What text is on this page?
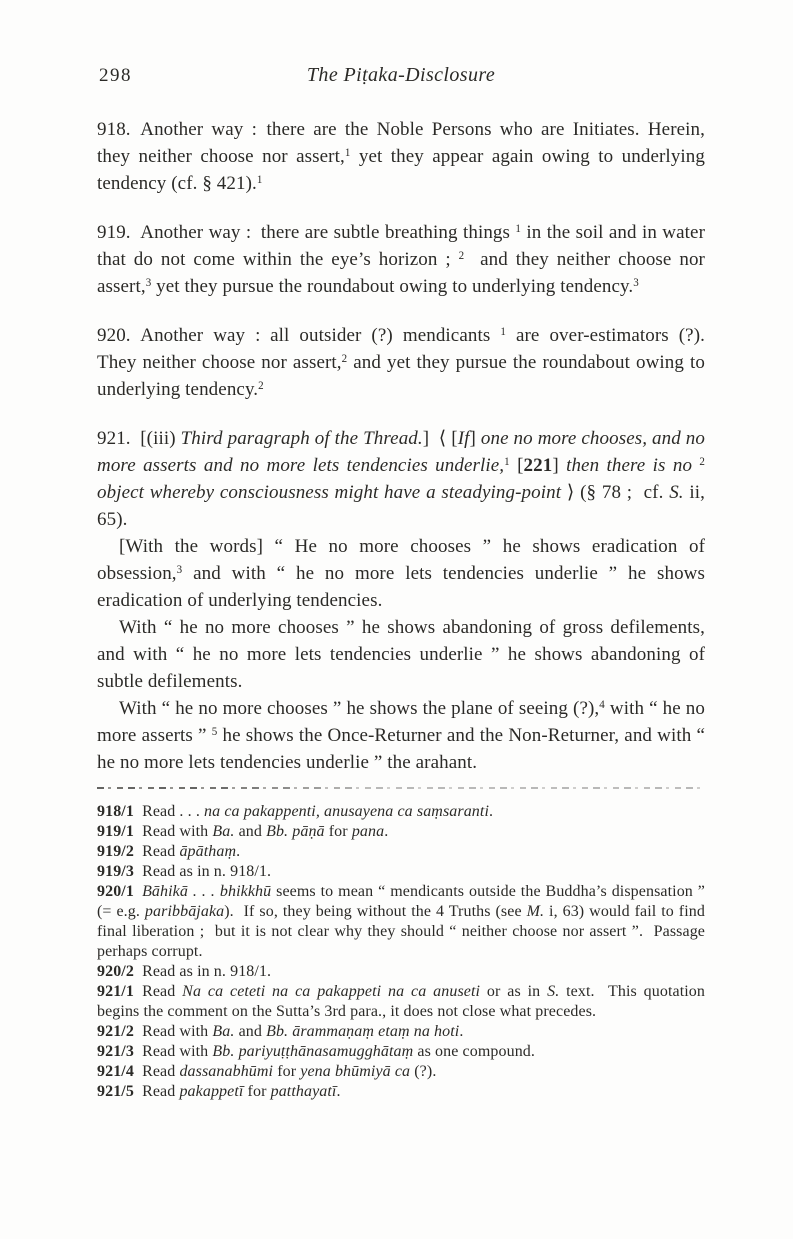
298	The Piṭaka-Disclosure

918. Another way : there are the Noble Persons who are Initiates. Herein, they neither choose nor assert,$^1$ yet they appear again owing to underlying tendency (cf. § 421).$^1$

919. Another way : there are subtle breathing things $^1$ in the soil and in water that do not come within the eye’s horizon ; $^2$  and they neither choose nor assert,$^3$ yet they pursue the roundabout owing to underlying tendency.$^3$

920. Another way : all outsider (?) mendicants $^1$ are over-estimators (?).  They neither choose nor assert,$^2$ and yet they pursue the roundabout owing to underlying tendency.$^2$

921. [(iii) Third paragraph of the Thread.] ⟨ [If] one no more chooses, and no more asserts and no more lets tendencies underlie,$^1$ [221] then there is no $^2$ object whereby consciousness might have a steadying-point ⟩ (§ 78 ;  cf. S. ii, 65).

[With the words] “ He no more chooses ” he shows eradication of obsession,$^3$ and with “ he no more lets tendencies underlie ” he shows eradication of underlying tendencies.

With “ he no more chooses ” he shows abandoning of gross defilements, and with “ he no more lets tendencies underlie ” he shows abandoning of subtle defilements.

With “ he no more chooses ” he shows the plane of seeing (?),$^4$ with “ he no more asserts ” $^5$ he shows the Once-Returner and the Non-Returner, and with “ he no more lets tendencies underlie ” the arahant.

918/1  Read . . . na ca pakappenti, anusayena ca saṃsaranti.

919/1  Read with Ba. and Bb. pāṇā for pana.

919/2  Read āpāthaṃ.

919/3  Read as in n. 918/1.

920/1  Bāhikā . . . bhikkhū seems to mean “ mendicants outside the Buddha’s dispensation ” (= e.g. paribbājaka).  If so, they being without the 4 Truths (see M. i, 63) would fail to find final liberation ;  but it is not clear why they should “ neither choose nor assert ”.  Passage perhaps corrupt.

920/2  Read as in n. 918/1.

921/1  Read Na ca ceteti na ca pakappeti na ca anuseti or as in S. text.  This quotation begins the comment on the Sutta’s 3rd para., it does not close what precedes.

921/2  Read with Ba. and Bb. ārammaṇaṃ etaṃ na hoti.

921/3  Read with Bb. pariyuṭṭhānasamugghātaṃ as one compound.

921/4  Read dassanabhūmi for yena bhūmiyā ca (?).

921/5  Read pakappetī for patthayatī.
